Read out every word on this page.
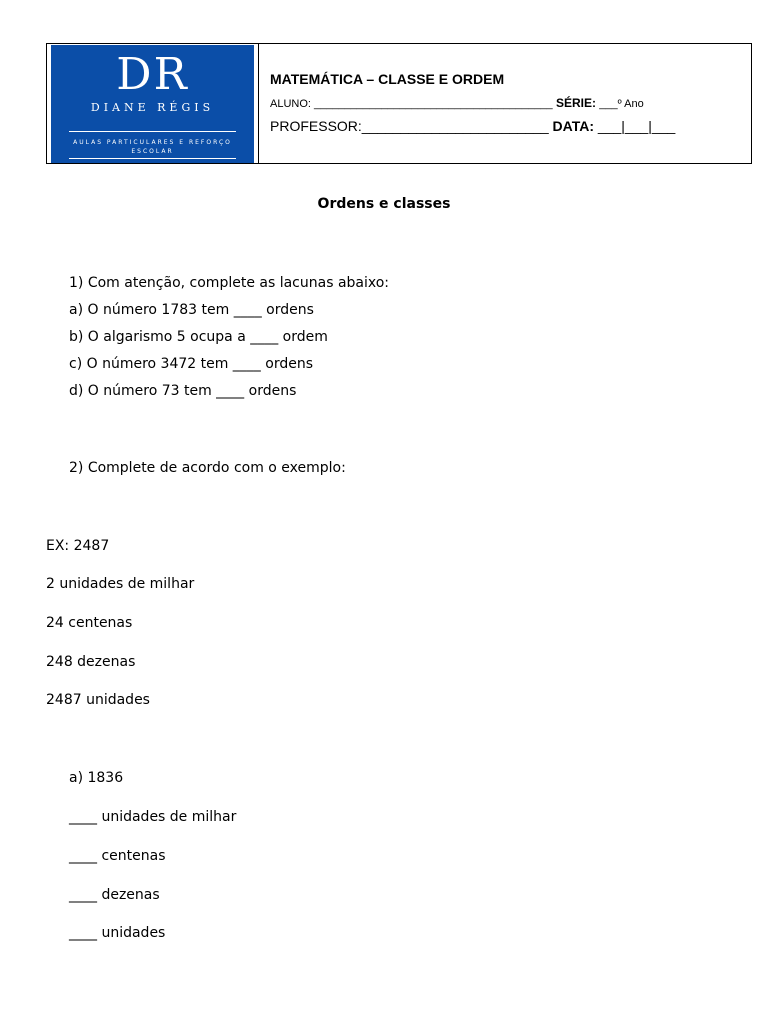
DR
DIANE RÉGIS
AULAS PARTICULARES E REFORÇO ESCOLAR
MATEMÁTICA – CLASSE E ORDEM
ALUNO: _______________________________________ SÉRIE: ___º Ano
PROFESSOR:________________________ DATA: ___|___|___
Ordens e classes
1) Com atenção, complete as lacunas abaixo:
a) O número 1783 tem ____ ordens
b) O algarismo 5 ocupa a ____ ordem
c) O número 3472 tem ____ ordens
d) O número 73 tem ____ ordens
2) Complete de acordo com o exemplo:
EX: 2487
2 unidades de milhar
24 centenas
248 dezenas
2487 unidades
a) 1836
____ unidades de milhar
____ centenas
____ dezenas
____ unidades
